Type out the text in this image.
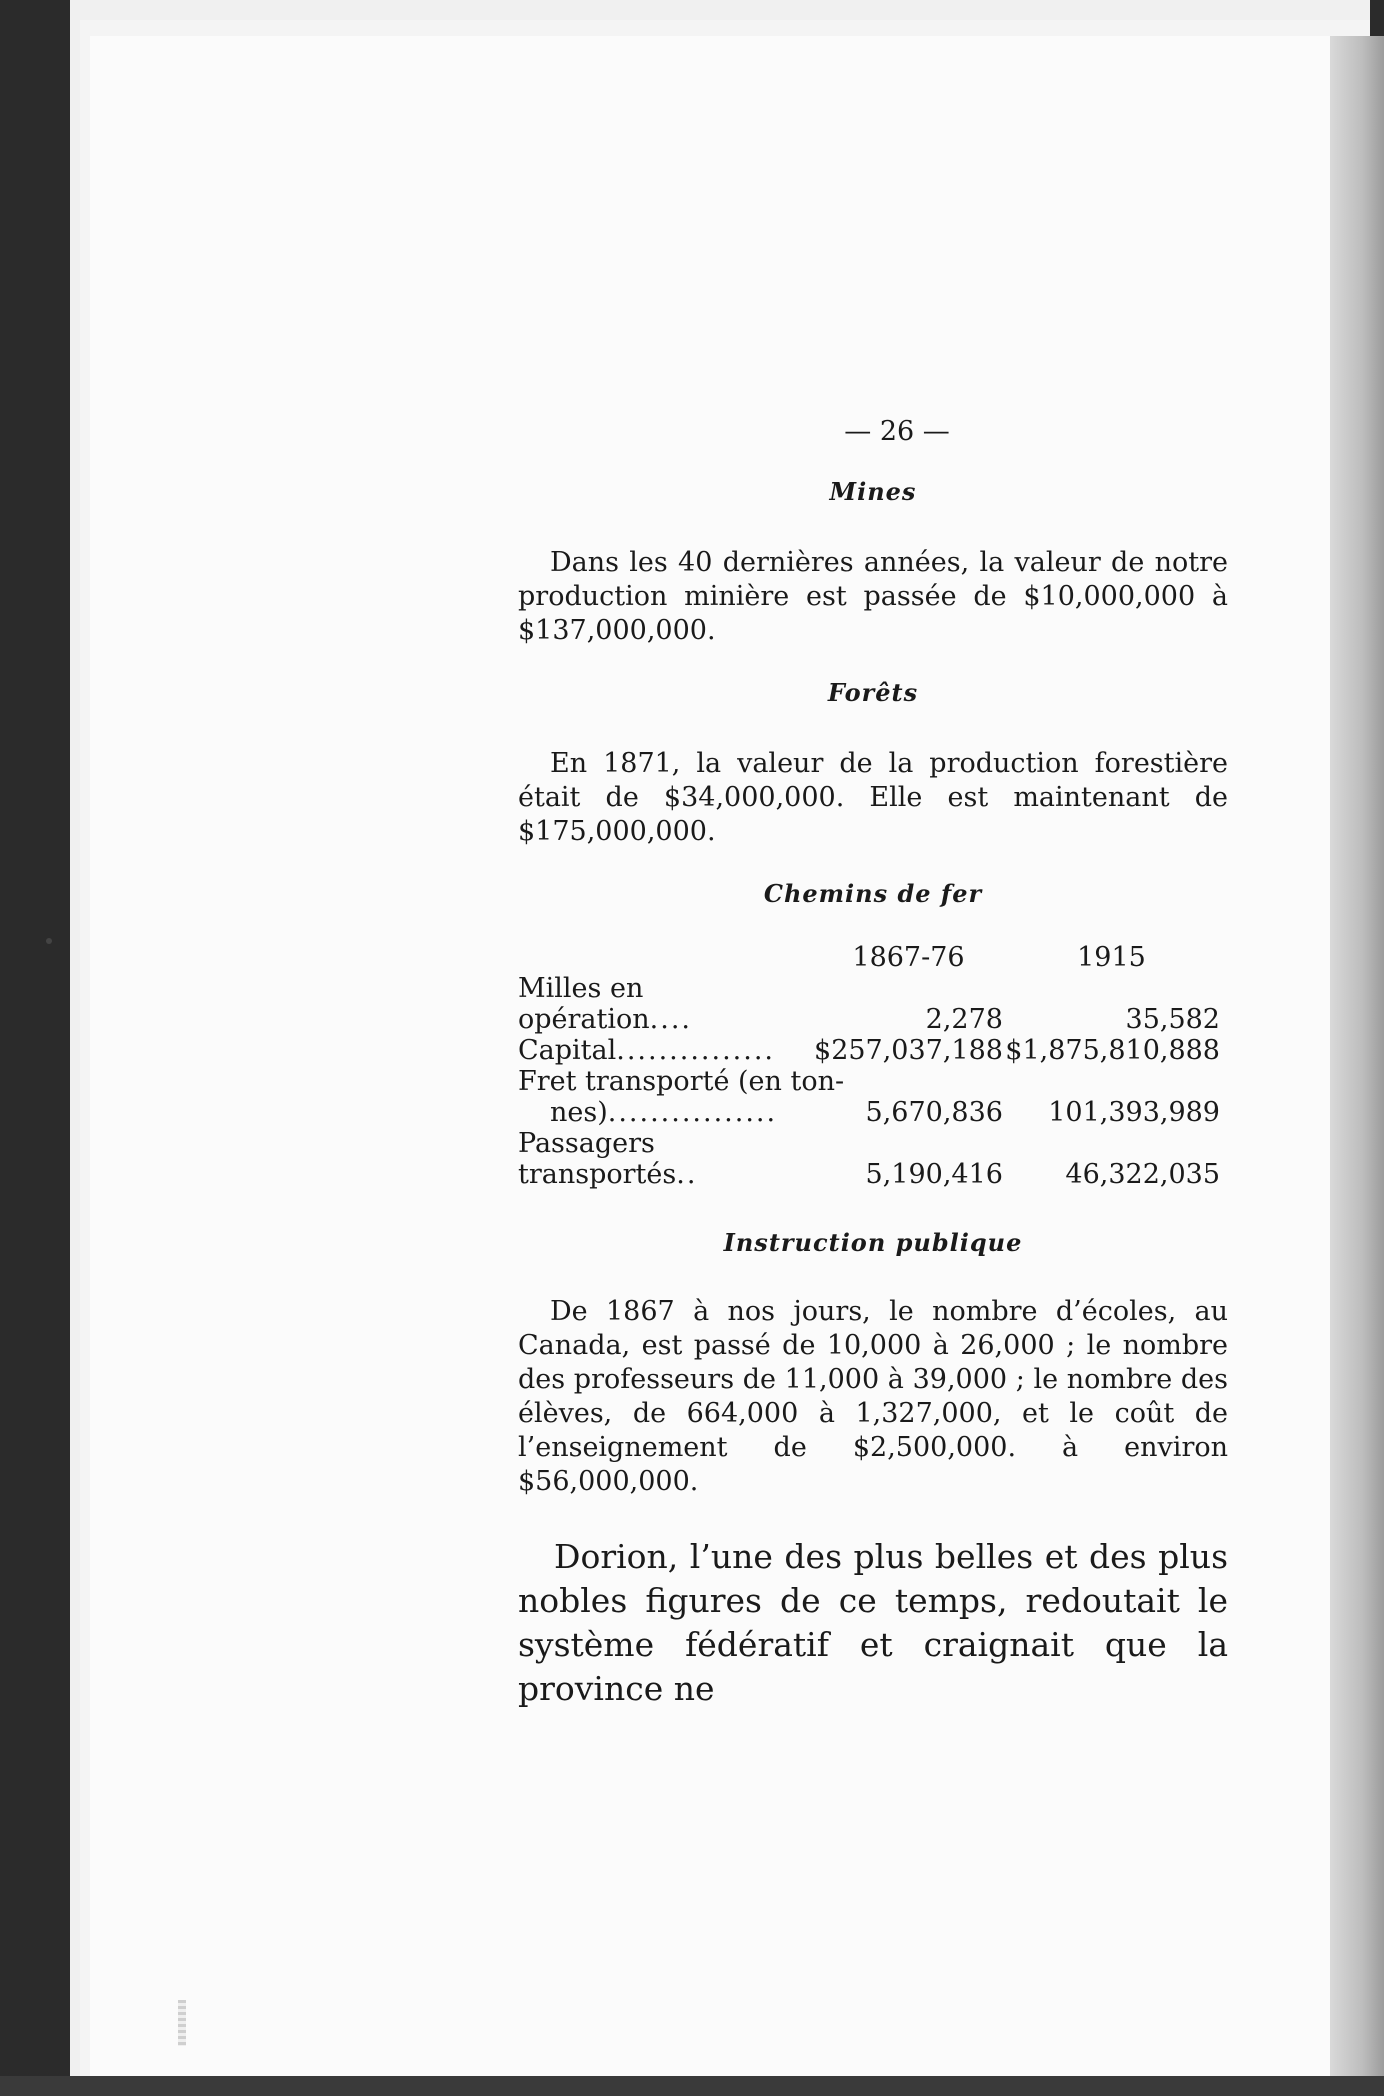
— 26 —
Mines

Dans les 40 dernières années, la valeur de notre production minière est passée de $10,000,000 à $137,000,000.

Forêts

En 1871, la valeur de la production forestière était de $34,000,000. Elle est maintenant de $175,000,000.

Chemins de fer
	1867-76	1915
Milles en opération....	2,278	35,582
Capital...............	$257,037,188	$1,875,810,888
Fret transporté (en ton-		
nes)................	5,670,836	101,393,989
Passagers transportés..	5,190,416	46,322,035
Instruction publique

De 1867 à nos jours, le nombre d’écoles, au Canada, est passé de 10,000 à 26,000 ; le nombre des professeurs de 11,000 à 39,000 ; le nombre des élèves, de 664,000 à 1,327,000, et le coût de l’enseignement de $2,500,000. à environ $56,000,000.

Dorion, l’une des plus belles et des plus nobles figures de ce temps, redoutait le système fédératif et craignait que la province ne
